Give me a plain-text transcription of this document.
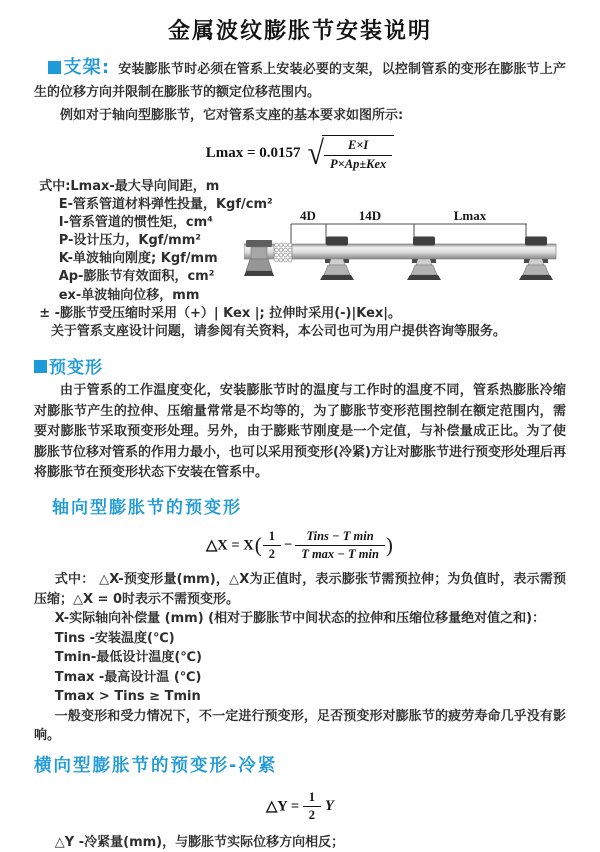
金属波纹膨胀节安装说明

支架: 安装膨胀节时必须在管系上安装必要的支架，以控制管系的变形在膨胀节上产生的位移方向并限制在膨胀节的额定位移范围内。

例如对于轴向型膨胀节，它对管系支座的基本要求如图所示:

Lmax = 0.0157 √ $\frac{E\times I}{\text{P×Ap±Kex}}$

式中:Lmax-最大导向间距，m

E-管系管道材料弹性投量，Kgf/cm²

I-管系管道的惯性矩，cm⁴

P-设计压力，Kgf/mm²

K-单波轴向刚度; Kgf/mm

Ap-膨胀节有效面积，cm²

ex-单波轴向位移，mm

± -膨胀节受压缩时采用（+）| Kex |; 拉伸时采用(-)|Kex|。

关于管系支座设计问题，请参阅有关资料，本公司也可为用户提供咨询等服务。

4D	14D	Lmax
预变形

由于管系的工作温度变化，安装膨胀节时的温度与工作时的温度不同，管系热膨胀冷缩对膨胀节产生的拉伸、压缩量常常是不均等的，为了膨胀节变形范围控制在额定范围内，需要对膨胀节采取预变形处理。另外，由于膨账节刚度是一个定值，与补偿量成正比。为了使膨胀节位移对管系的作用力最小，也可以采用预变形(冷紧)方让对膨胀节进行预变形处理后再将膨胀节在预变形状态下安装在管系中。

轴向型膨胀节的预变形
△X = $X( \frac{1}{2} - \frac{\text{Tins − T min}}{\text{T max − T min}}$ )

式中： △X-预变形量(mm)，△X为正值时，表示膨张节需预拉伸；为负值时，表示需预压缩；△X = 0时表示不需预变形。

X-实际轴向补偿量 (mm) (相对于膨胀节中间状态的拉伸和压缩位移量绝对值之和)：

Tins -安装温度(℃)

Tmin-最低设计温度(℃)

Tmax -最高设计温 (℃)

Tmax > Tins ≥ Tmin

一般变形和受力情况下，不一定进行预变形，足否预变形对膨胀节的疲劳寿命几乎没有影响。

横向型膨胀节的预变形-冷紧
△Y = $\frac{1}{2}$ Y

△Y -冷紧量(mm)，与膨胀节实际位移方向相反；
